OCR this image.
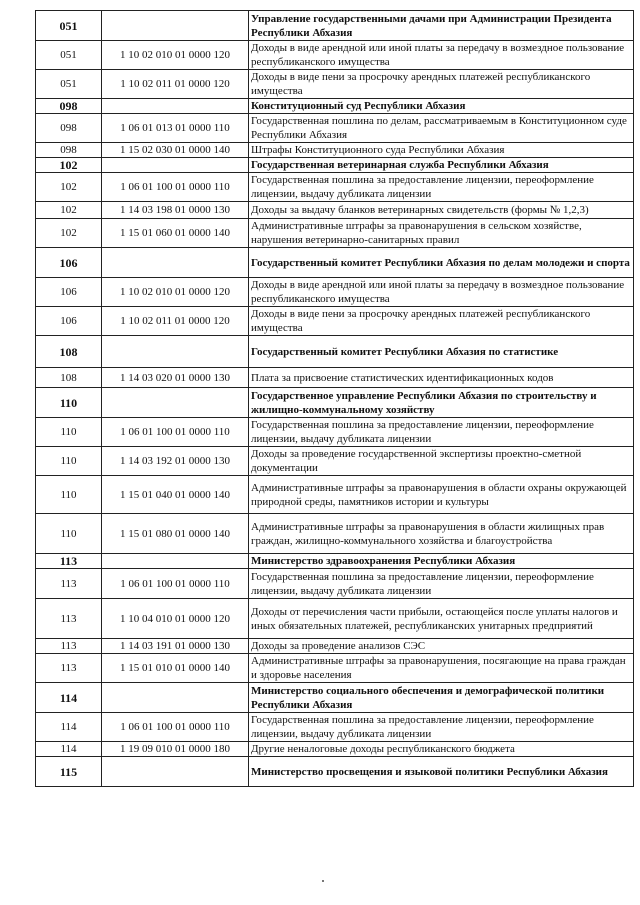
051		Управление государственными дачами при Администрации Президента Республики Абхазия
051	1 10 02 010 01 0000 120	Доходы в виде арендной или иной платы за передачу в возмездное пользование республиканского имущества
051	1 10 02 011 01 0000 120	Доходы в виде пени за просрочку арендных платежей республиканского имущества
098		Конституционный суд Республики Абхазия
098	1 06 01 013 01 0000 110	Государственная пошлина по делам, рассматриваемым в Конституционном суде Республики Абхазия
098	1 15 02 030 01 0000 140	Штрафы Конституционного суда Республики Абхазия
102		Государственная ветеринарная служба Республики Абхазия
102	1 06 01 100 01 0000 110	Государственная пошлина за предоставление лицензии, переоформление лицензии, выдачу дубликата лицензии
102	1 14 03 198 01 0000 130	Доходы за выдачу бланков ветеринарных свидетельств (формы № 1,2,3)
102	1 15 01 060 01 0000 140	Административные штрафы за правонарушения в сельском хозяйстве, нарушения ветеринарно-санитарных правил
106		Государственный комитет Республики Абхазия по делам молодежи и спорта
106	1 10 02 010 01 0000 120	Доходы в виде арендной или иной платы за передачу в возмездное пользование республиканского имущества
106	1 10 02 011 01 0000 120	Доходы в виде пени за просрочку арендных платежей республиканского имущества
108		Государственный комитет Республики Абхазия по статистике
108	1 14 03 020 01 0000 130	Плата за присвоение статистических идентификационных кодов
110		Государственное управление Республики Абхазия по строительству и жилищно-коммунальному хозяйству
110	1 06 01 100 01 0000 110	Государственная пошлина за предоставление лицензии, переоформление лицензии, выдачу дубликата лицензии
110	1 14 03 192 01 0000 130	Доходы за проведение государственной экспертизы проектно-сметной документации
110	1 15 01 040 01 0000 140	Административные штрафы за правонарушения в области охраны окружающей природной среды, памятников истории и культуры
110	1 15 01 080 01 0000 140	Административные штрафы за правонарушения в области жилищных прав граждан, жилищно-коммунального хозяйства и благоустройства
113		Министерство здравоохранения Республики Абхазия
113	1 06 01 100 01 0000 110	Государственная пошлина за предоставление лицензии, переоформление лицензии, выдачу дубликата лицензии
113	1 10 04 010 01 0000 120	Доходы от перечисления части прибыли, остающейся после уплаты налогов и иных обязательных платежей, республиканских унитарных предприятий
113	1 14 03 191 01 0000 130	Доходы за проведение анализов СЭС
113	1 15 01 010 01 0000 140	Административные штрафы за правонарушения, посягающие на права граждан и здоровье населения
114		Министерство социального обеспечения и демографической политики Республики Абхазия
114	1 06 01 100 01 0000 110	Государственная пошлина за предоставление лицензии, переоформление лицензии, выдачу дубликата лицензии
114	1 19 09 010 01 0000 180	Другие неналоговые доходы республиканского бюджета
115		Министерство просвещения и языковой политики Республики Абхазия
